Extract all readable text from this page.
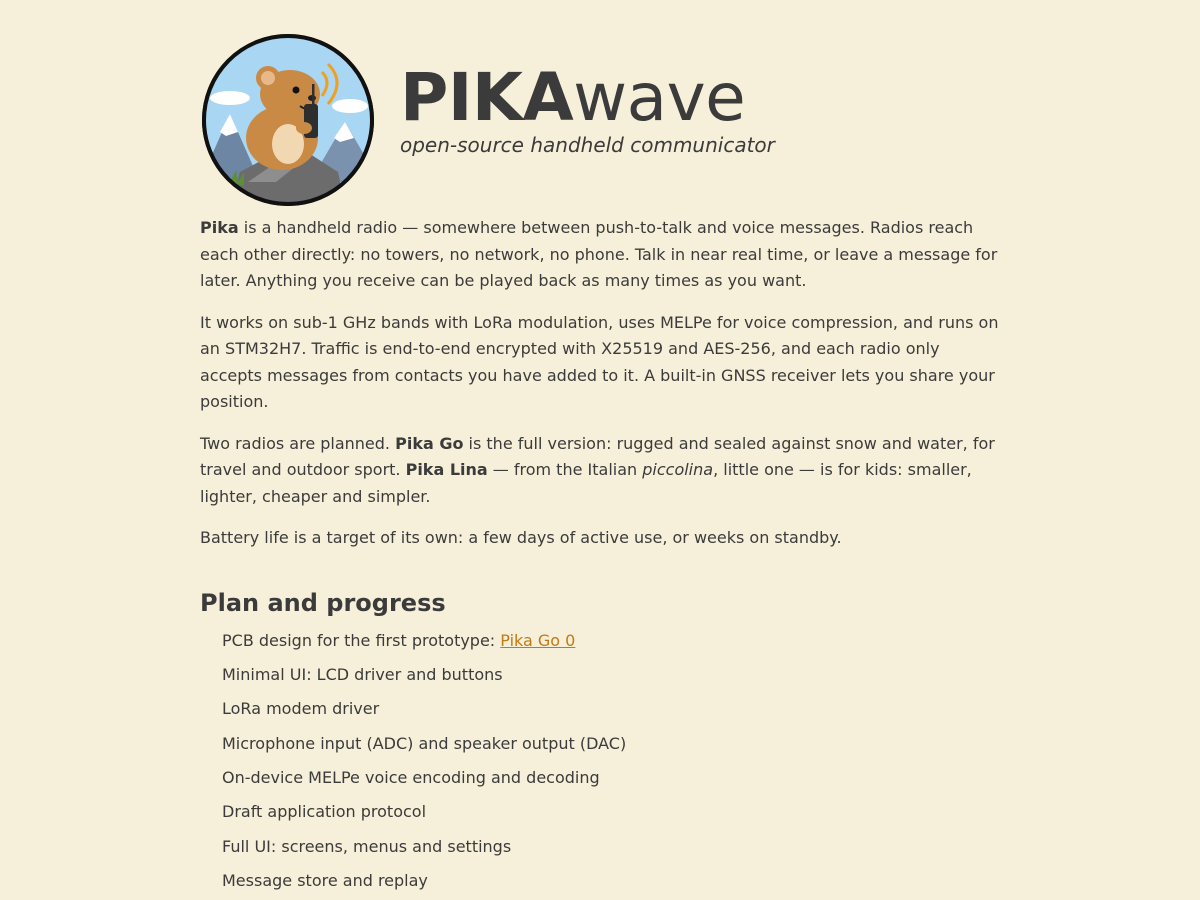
PIKAwave

open-source handheld communicator

Pika is a handheld radio — somewhere between push-to-talk and voice messages. Radios reach each other directly: no towers, no network, no phone. Talk in near real time, or leave a message for later. Anything you receive can be played back as many times as you want.

It works on sub-1 GHz bands with LoRa modulation, uses MELPe for voice compression, and runs on an STM32H7. Traffic is end-to-end encrypted with X25519 and AES-256, and each radio only accepts messages from contacts you have added to it. A built-in GNSS receiver lets you share your position.

Two radios are planned. Pika Go is the full version: rugged and sealed against snow and water, for travel and outdoor sport. Pika Lina — from the Italian piccolina, little one — is for kids: smaller, lighter, cheaper and simpler.

Battery life is a target of its own: a few days of active use, or weeks on standby.

Plan and progress
PCB design for the first prototype: Pika Go 0
Minimal UI: LCD driver and buttons
LoRa modem driver
Microphone input (ADC) and speaker output (DAC)
On-device MELPe voice encoding and decoding
Draft application protocol
Full UI: screens, menus and settings
Message store and replay
